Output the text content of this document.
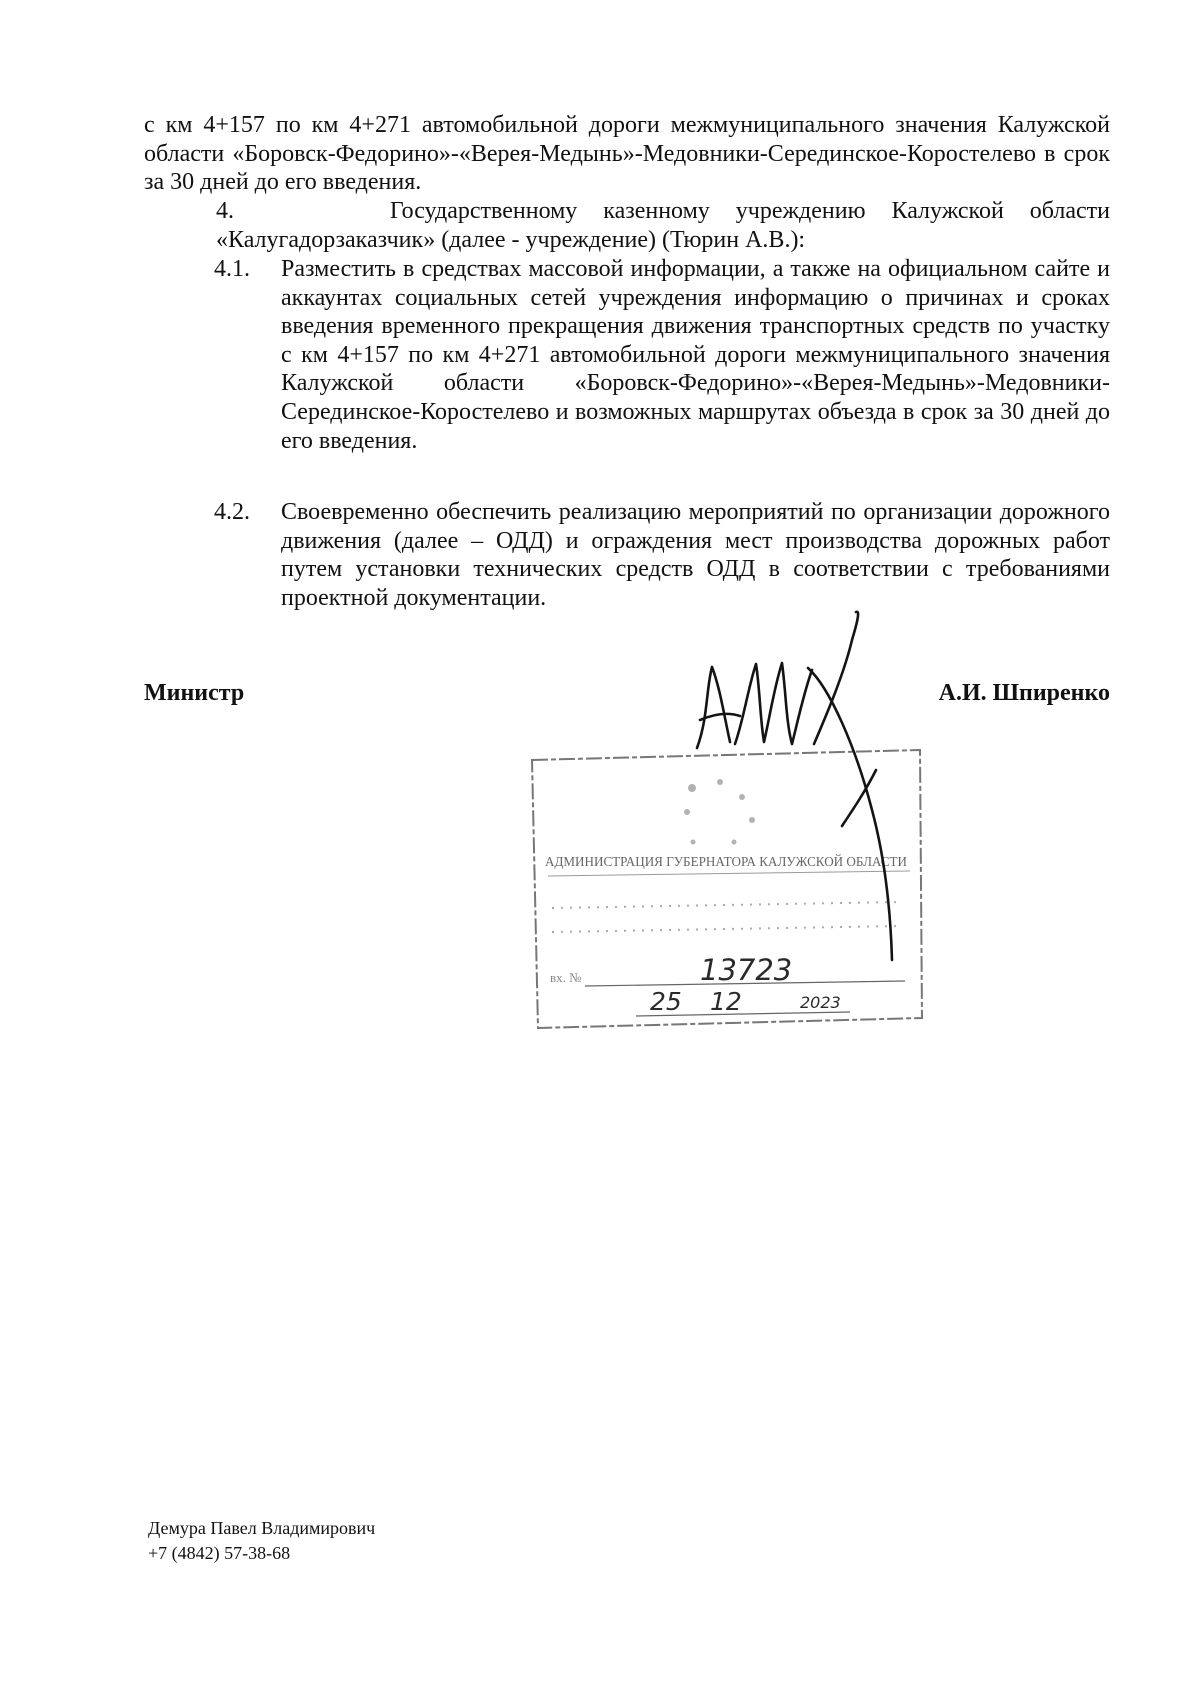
с км 4+157 по км 4+271 автомобильной дороги межмуниципального значения Калужской области «Боровск-Федорино»-«Верея-Медынь»-Медовники-Серединское-Коростелево в срок за 30 дней до его введения.
4.	Государственному казенному учреждению Калужской области «Калугадорзаказчик» (далее - учреждение) (Тюрин А.В.):
4.1.	Разместить в средствах массовой информации, а также на официальном сайте и аккаунтах социальных сетей учреждения информацию о причинах и сроках введения временного прекращения движения транспортных средств по участку с км 4+157 по км 4+271 автомобильной дороги межмуниципального значения Калужской области «Боровск-Федорино»-«Верея-Медынь»-Медовники-Серединское-Коростелево и возможных маршрутах объезда в срок за 30 дней до его введения.
4.2.	Своевременно обеспечить реализацию мероприятий по организации дорожного движения (далее – ОДД) и ограждения мест производства дорожных работ путем установки технических средств ОДД в соответствии с требованиями проектной документации.
Министр	А.И. Шпиренко
Демура Павел Владимирович
+7 (4842) 57-38-68
АДМИНИСТРАЦИЯ ГУБЕРНАТОРА КАЛУЖСКОЙ ОБЛАСТИ
вх. №	13723
25 12	2023
